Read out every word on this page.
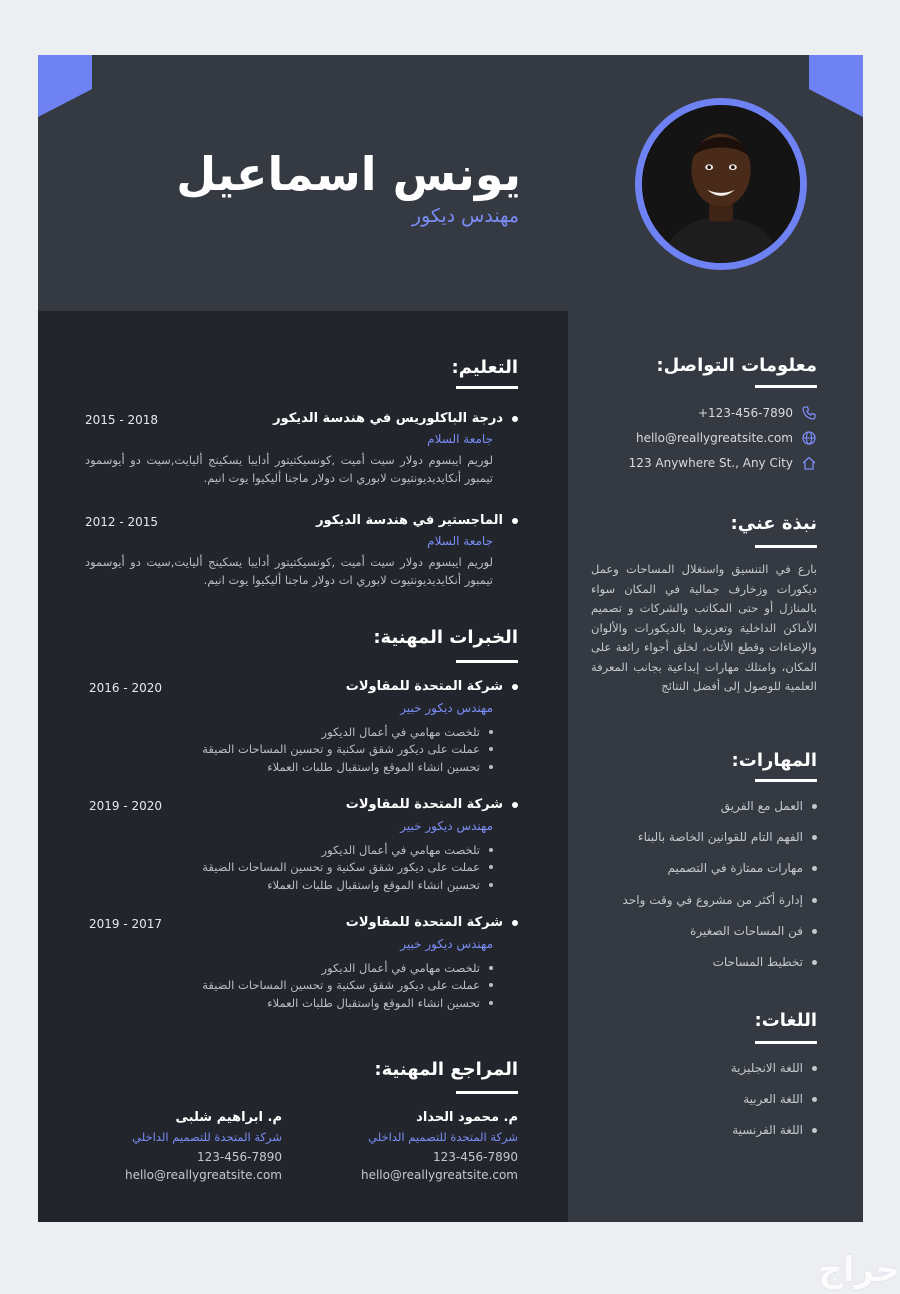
يونس اسماعيل
مهندس ديكور
معلومات التواصل:
+123-456-7890
hello@reallygreatsite.com
123 Anywhere St., Any City
نبذة عني:
بارع في التنسيق واستغلال المساحات وعمل ديكورات وزخارف جمالية في المكان سواء بالمنازل أو حتى المكاتب والشركات و تصميم الأماكن الداخلية وتعزيزها بالديكورات والألوان والإضاءات وقطع الأثاث، لخلق أجواء رائعة على المكان، وامتلك مهارات إبداعية بجانب المعرفة العلمية للوصول إلى أفضل النتائج
المهارات:
العمل مع الفريق
الفهم التام للقوانين الخاصة بالبناء
مهارات ممتازة في التصميم
إدارة أكثر من مشروع في وقت واحد
فن المساحات الصغيرة
تخطيط المساحات
اللغات:
اللغة الانجليزية
اللغة العربية
اللغة الفرنسية
التعليم:
درجة الباكلوريس في هندسة الديكور
2015 - 2018
جامعة السلام
لوريم ايبسوم دولار سيت أميت ,كونسيكتيتور أدايبا يسكينج أليايت,سيت دو أيوسمود تيمبور أنكايديديونتيوت لابوري ات دولار ماجنا أليكيوا يوت انيم.
الماجستير في هندسة الديكور
2012 - 2015
جامعة السلام
لوريم ايبسوم دولار سيت أميت ,كونسيكتيتور أدايبا يسكينج أليايت,سيت دو أيوسمود تيمبور أنكايديديونتيوت لابوري ات دولار ماجنا أليكيوا يوت انيم.
الخبرات المهنية:
شركة المتحدة للمقاولات
2016 - 2020
مهندس ديكور خبير
تلخصت مهامي في أعمال الديكور
عملت على ديكور شقق سكنية و تحسين المساحات الضيقة
تحسين انشاء الموقع واستقبال طلبات العملاء
شركة المتحدة للمقاولات
2019 - 2020
مهندس ديكور خبير
تلخصت مهامي في أعمال الديكور
عملت على ديكور شقق سكنية و تحسين المساحات الضيقة
تحسين انشاء الموقع واستقبال طلبات العملاء
شركة المتحدة للمقاولات
2019 - 2017
مهندس ديكور خبير
تلخصت مهامي في أعمال الديكور
عملت على ديكور شقق سكنية و تحسين المساحات الضيقة
تحسين انشاء الموقع واستقبال طلبات العملاء
المراجع المهنية:
م. محمود الحداد
شركة المتحدة للتصميم الداخلي
123-456-7890
hello@reallygreatsite.com
م. ابراهيم شلبى
شركة المتحدة للتصميم الداخلي
123-456-7890
hello@reallygreatsite.com
حراج
